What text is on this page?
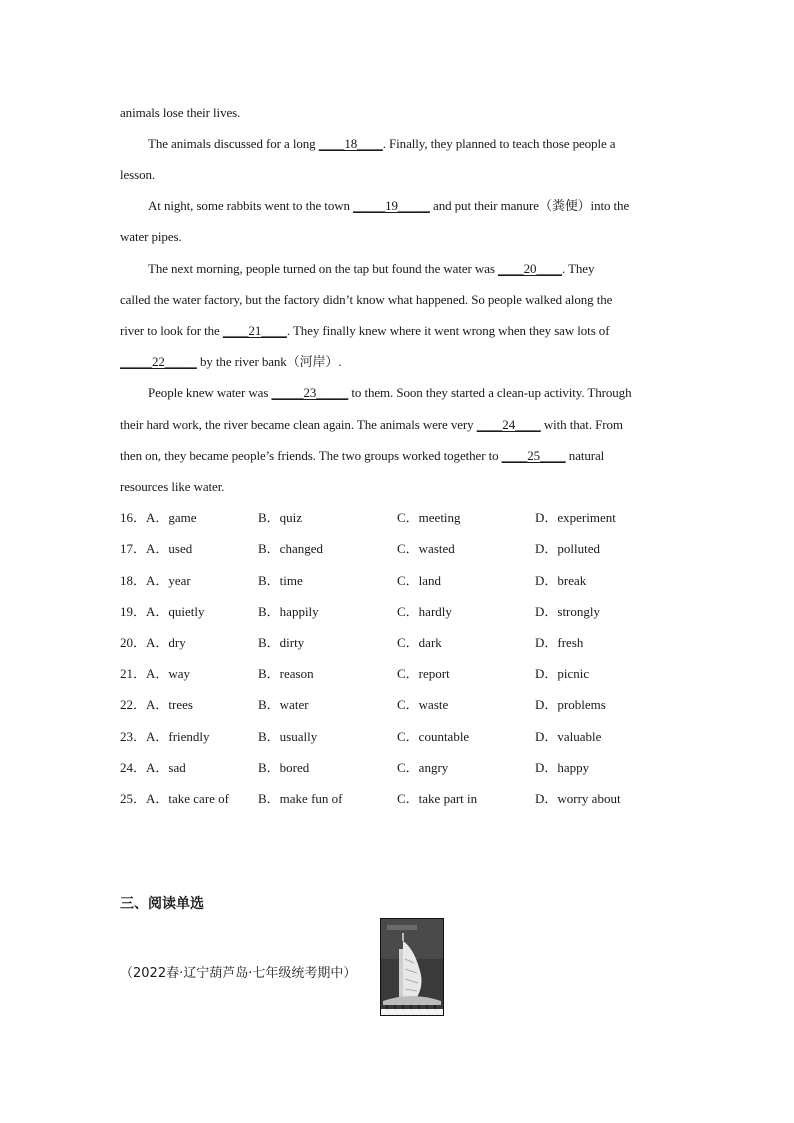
animals lose their lives.
The animals discussed for a long ____18____. Finally, they planned to teach those people a
lesson.
At night, some rabbits went to the town _____19_____ and put their manure（粪便）into the
water pipes.
The next morning, people turned on the tap but found the water was ____20____. They
called the water factory, but the factory didn’t know what happened. So people walked along the
river to look for the ____21____. They finally knew where it went wrong when they saw lots of
_____22_____ by the river bank（河岸）.
People knew water was _____23_____ to them. Soon they started a clean-up activity. Through
their hard work, the river became clean again. The animals were very ____24____ with that. From
then on, they became people’s friends. The two groups worked together to ____25____ natural
resources like water.
16．A．game	B．quiz	C．meeting	D．experiment
17．A．used	B．changed	C．wasted	D．polluted
18．A．year	B．time	C．land	D．break
19．A．quietly	B．happily	C．hardly	D．strongly
20．A．dry	B．dirty	C．dark	D．fresh
21．A．way	B．reason	C．report	D．picnic
22．A．trees	B．water	C．waste	D．problems
23．A．friendly	B．usually	C．countable	D．valuable
24．A．sad	B．bored	C．angry	D．happy
25．A．take care of B．make fun of	C．take part in	D．worry about
三、阅读单选
（2022春·辽宁葫芦岛·七年级统考期中）
